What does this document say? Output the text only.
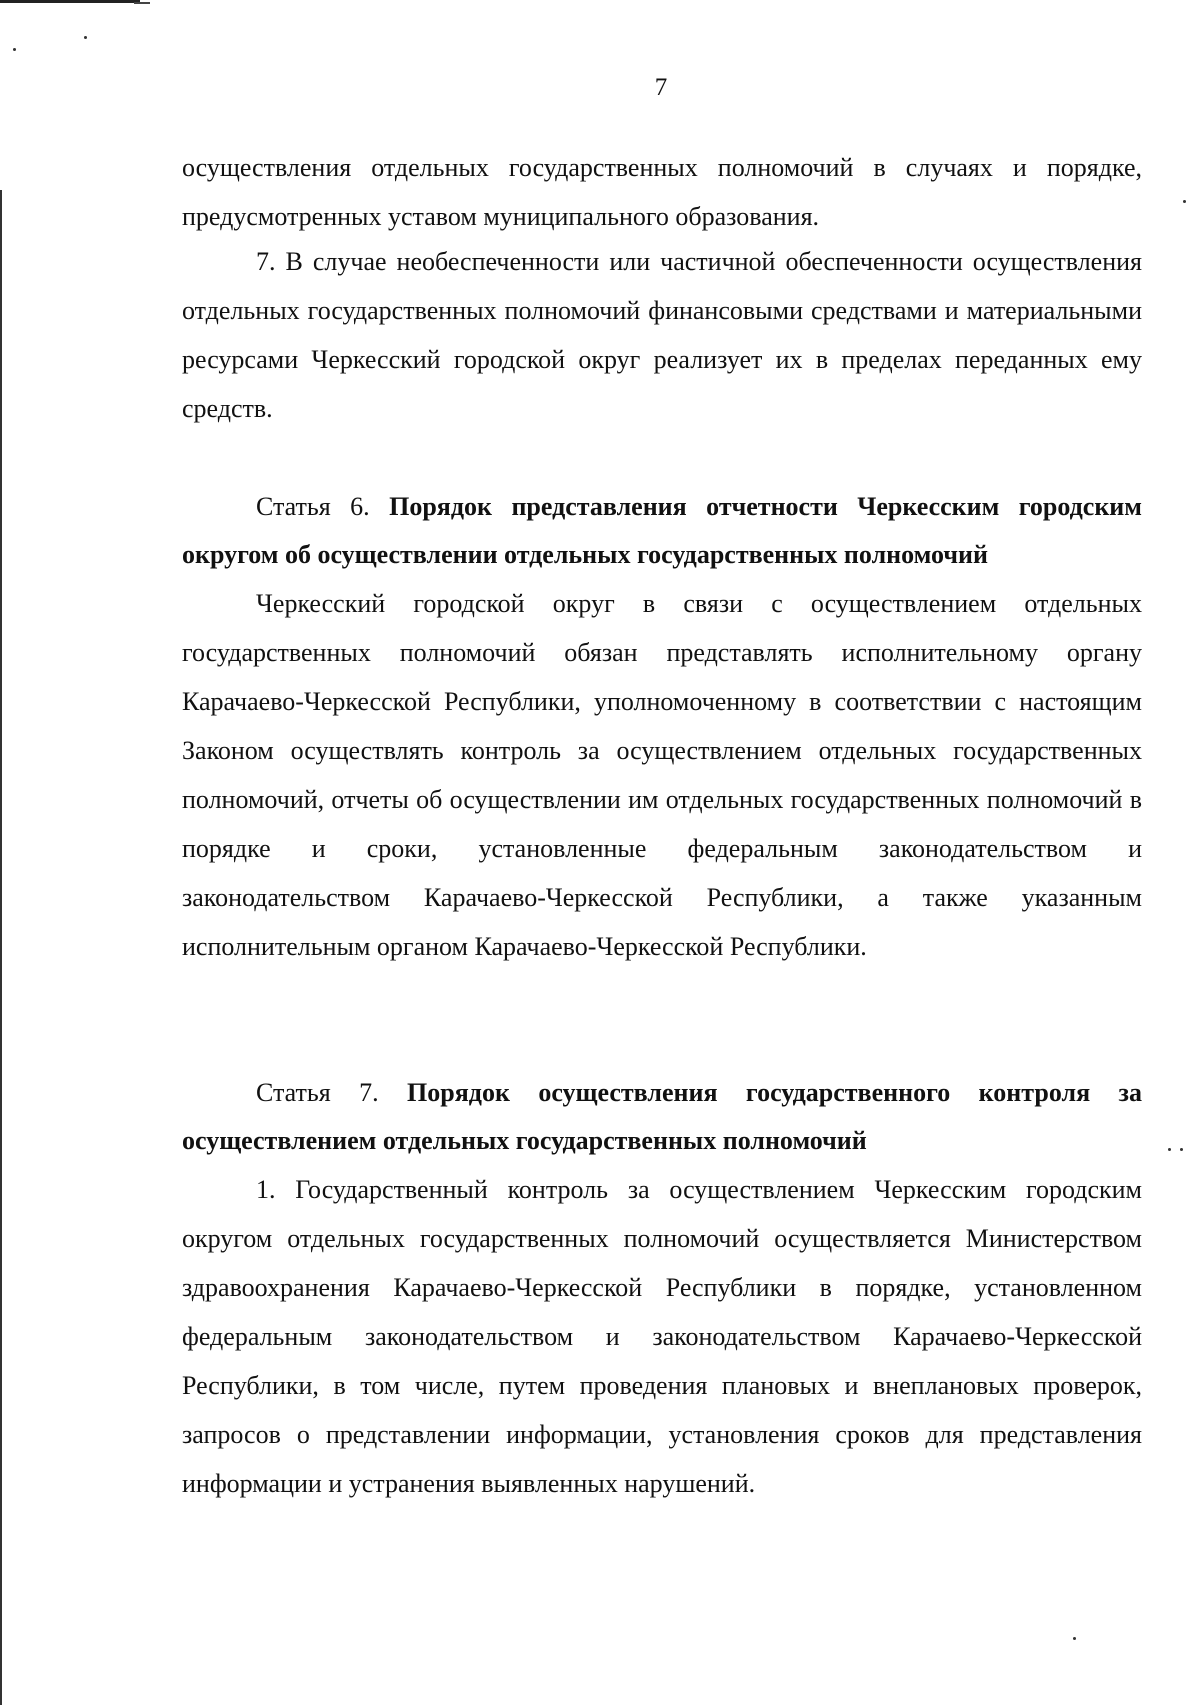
7

осуществления отдельных государственных полномочий в случаях и порядке, предусмотренных уставом муниципального образования.

7. В случае необеспеченности или частичной обеспеченности осуществления отдельных государственных полномочий финансовыми средствами и материальными ресурсами Черкесский городской округ реализует их в пределах переданных ему средств.

Статья 6. Порядок представления отчетности Черкесским городским округом об осуществлении отдельных государственных полномочий

Черкесский городской округ в связи с осуществлением отдельных государственных полномочий обязан представлять исполнительному органу Карачаево-Черкесской Республики, уполномоченному в соответствии с настоящим Законом осуществлять контроль за осуществлением отдельных государственных полномочий, отчеты об осуществлении им отдельных государственных полномочий в порядке и сроки, установленные федеральным законодательством и законодательством Карачаево-Черкесской Республики, а также указанным исполнительным органом Карачаево-Черкесской Республики.

Статья 7. Порядок осуществления государственного контроля за осуществлением отдельных государственных полномочий

1. Государственный контроль за осуществлением Черкесским городским округом отдельных государственных полномочий осуществляется Министерством здравоохранения Карачаево-Черкесской Республики в порядке, установленном федеральным законодательством и законодательством Карачаево-Черкесской Республики, в том числе, путем проведения плановых и внеплановых проверок, запросов о представлении информации, установления сроков для представления информации и устранения выявленных нарушений.
